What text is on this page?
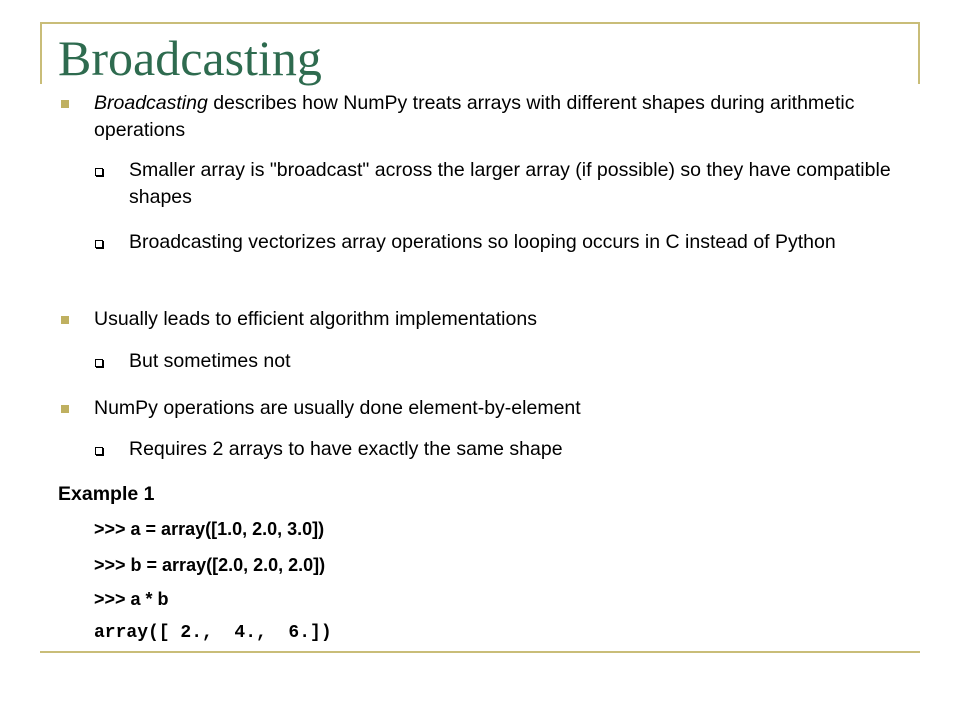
Broadcasting

Broadcasting describes how NumPy treats arrays with different shapes during arithmetic operations

Smaller array is "broadcast" across the larger array (if possible) so they have compatible shapes

Broadcasting vectorizes array operations so looping occurs in C instead of Python

Usually leads to efficient algorithm implementations

But sometimes not

NumPy operations are usually done element-by-element

Requires 2 arrays to have exactly the same shape

Example 1

>>> a = array([1.0, 2.0, 3.0])

>>> b = array([2.0, 2.0, 2.0])

>>> a * b

array([ 2.,  4.,  6.])
